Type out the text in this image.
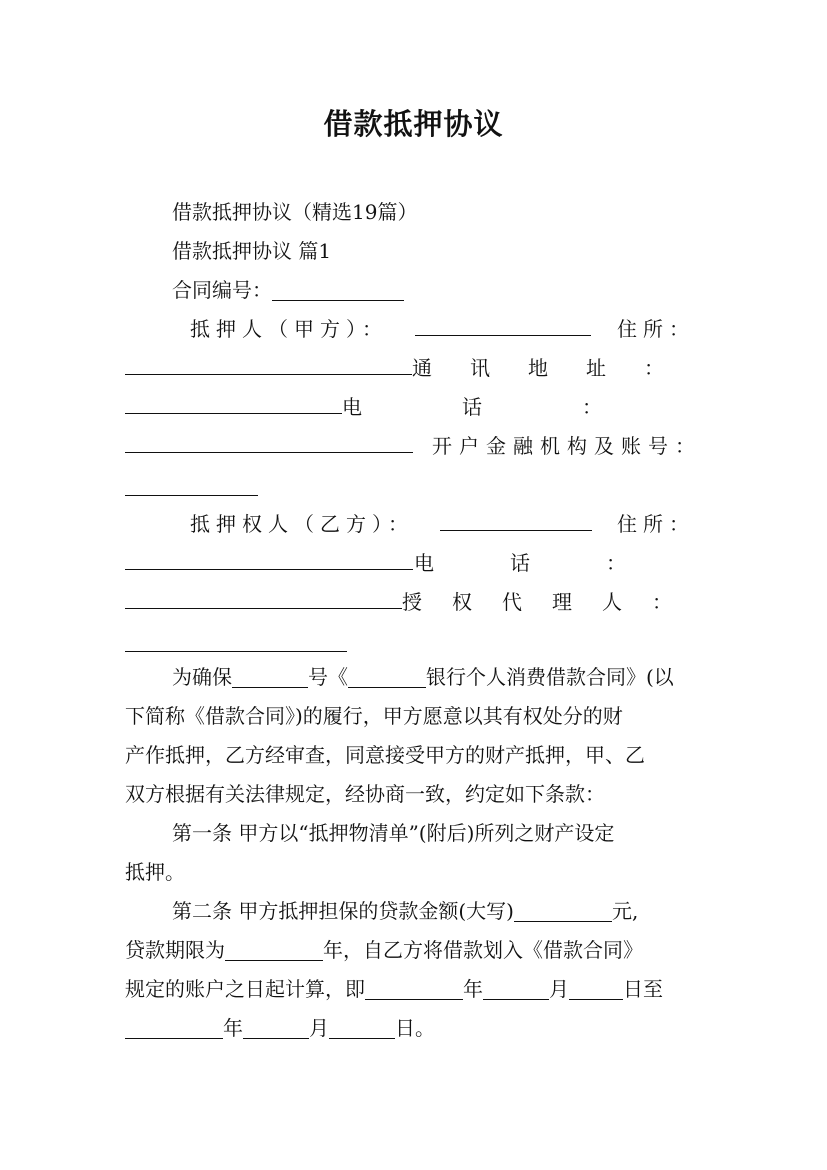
借款抵押协议
借款抵押协议（精选19篇）
借款抵押协议 篇1
合同编号：
抵押人（甲方）：	住所：
通讯地址：
电话：
开户金融机构及账号：
抵押权人（乙方）：	住所：
电话：
授权代理人：
为确保	号《	银行个人消费借款合同》(以
下简称《借款合同》)的履行，甲方愿意以其有权处分的财
产作抵押，乙方经审查，同意接受甲方的财产抵押，甲、乙
双方根据有关法律规定，经协商一致，约定如下条款：
第一条 甲方以“抵押物清单”(附后)所列之财产设定
抵押。
第二条 甲方抵押担保的贷款金额(大写)	元,
贷款期限为	年，自乙方将借款划入《借款合同》
规定的账户之日起计算，即	年	月	日至
年	月	日。
